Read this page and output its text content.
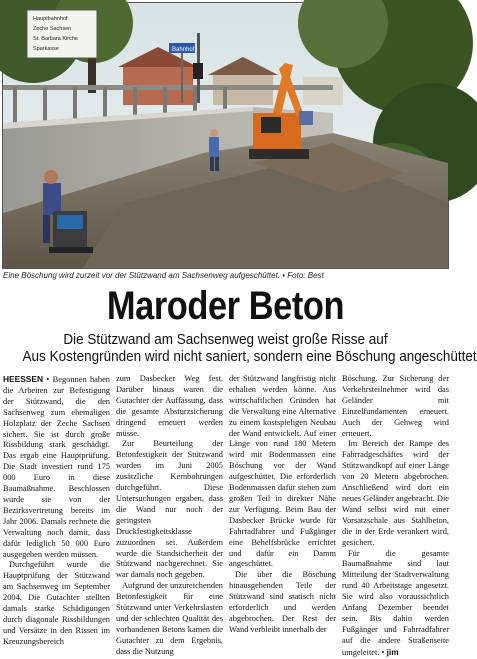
Hauptbahnhof
Zeche Sachsen
St. Barbara Kirche
Sparkasse	Bahnhof
Eine Böschung wird zurzeit vor der Stützwand am Sachsenweg aufgeschüttet. • Foto: Best
Maroder Beton
Die Stützwand am Sachsenweg weist große Risse auf
Aus Kostengründen wird nicht saniert, sondern eine Böschung angeschüttet

HEESSEN • Begonnen haben die Arbeiten zur Befestigung der Stützwand, die den Sachsenweg zum ehemaligen Holzplatz der Zeche Sachsen sichert. Sie ist durch große Rissbildung stark geschädigt. Das ergab eine Hauptprüfung. Die Stadt investiert rund 175 000 Euro in diese Baumaßnahme. Beschlossen wurde sie von der Bezirksvertretung bereits im Jahr 2006. Damals rechnete die Verwaltung noch damit, dass dafür lediglich 50 000 Euro ausgegeben werden müssen.

Durchgeführt wurde die Hauptprüfung der Stützwand am Sachsenweg im September 2004. Die Gutachter stellten damals starke Schädigungen durch diagonale Rissbildungen und Versätze in den Rissen im Kreuzungsbereich

zum Dasbecker Weg fest. Darüber hinaus waren die Gutachter der Auffassung, dass die gesamte Absturzsicherung dringend erneuert werden müsse.

Zur Beurteilung der Betonfestigkeit der Stützwand wurden im Juni 2005 zusätzliche Kernbohrungen durchgeführt. Diese Untersuchungen ergaben, dass die Wand nur noch der geringsten Druckfestigkeitsklasse zuzuordnen sei. Außerdem wurde die Standsicherheit der Stützwand nachgerechnet. Sie war damals noch gegeben.

Aufgrund der unzureichenden Betonfestigkeit für eine Stützwand unter Verkehrslasten und der schlechten Qualität des vorhandenen Betons kamen die Gutachter zu dem Ergebnis, dass die Nutzung

der Stützwand langfristig nicht erhalten werden könne. Aus wirtschaftlichen Gründen hat die Verwaltung eine Alternative zu einem kostspieligen Neubau der Wand entwickelt. Auf einer Länge von rund 180 Metern wird mit Bodenmassen eine Böschung vor der Wand aufgeschüttet. Die erforderlich Bodenmassen dafür stehen zum großen Teil in direkter Nähe zur Verfügung. Beim Bau der Dasbecker Brücke wurde für Fahrradfahrer und Fußgänger eine Behelfsbrücke errichtet und dafür ein Damm angeschüttet.

Die über die Böschung hinausgehenden Teile der Stützwand sind statisch nicht erforderlich und werden abgebrochen. Der Rest der Wand verbleibt innerhalb der

Böschung. Zur Sicherung der Verkehrsteilnehmer wird das Geländer mit Einzelfundamenten erneuert. Auch der Gehweg wird erneuert.

Im Bereich der Rampe des Fahrradgeschäftes wird der Stützwandkopf auf einer Länge von 20 Metern abgebrochen. Anschließend wird dort ein neues Geländer angebracht. Die Wand selbst wird mit einer Vorsatzschale aus Stahlbeton, die in der Erde verankert wird, gesichert.

Für die gesamte Baumaßnahme sind laut Mitteilung der Stadtverwaltung rund 40 Arbeitstage angesetzt. Sie wird also voraussichtlich Anfang Dezember beendet sein. Bis dahin werden Fußgänger und Fahrradfahrer auf die andere Straßenseite umgeleitet. • jim
